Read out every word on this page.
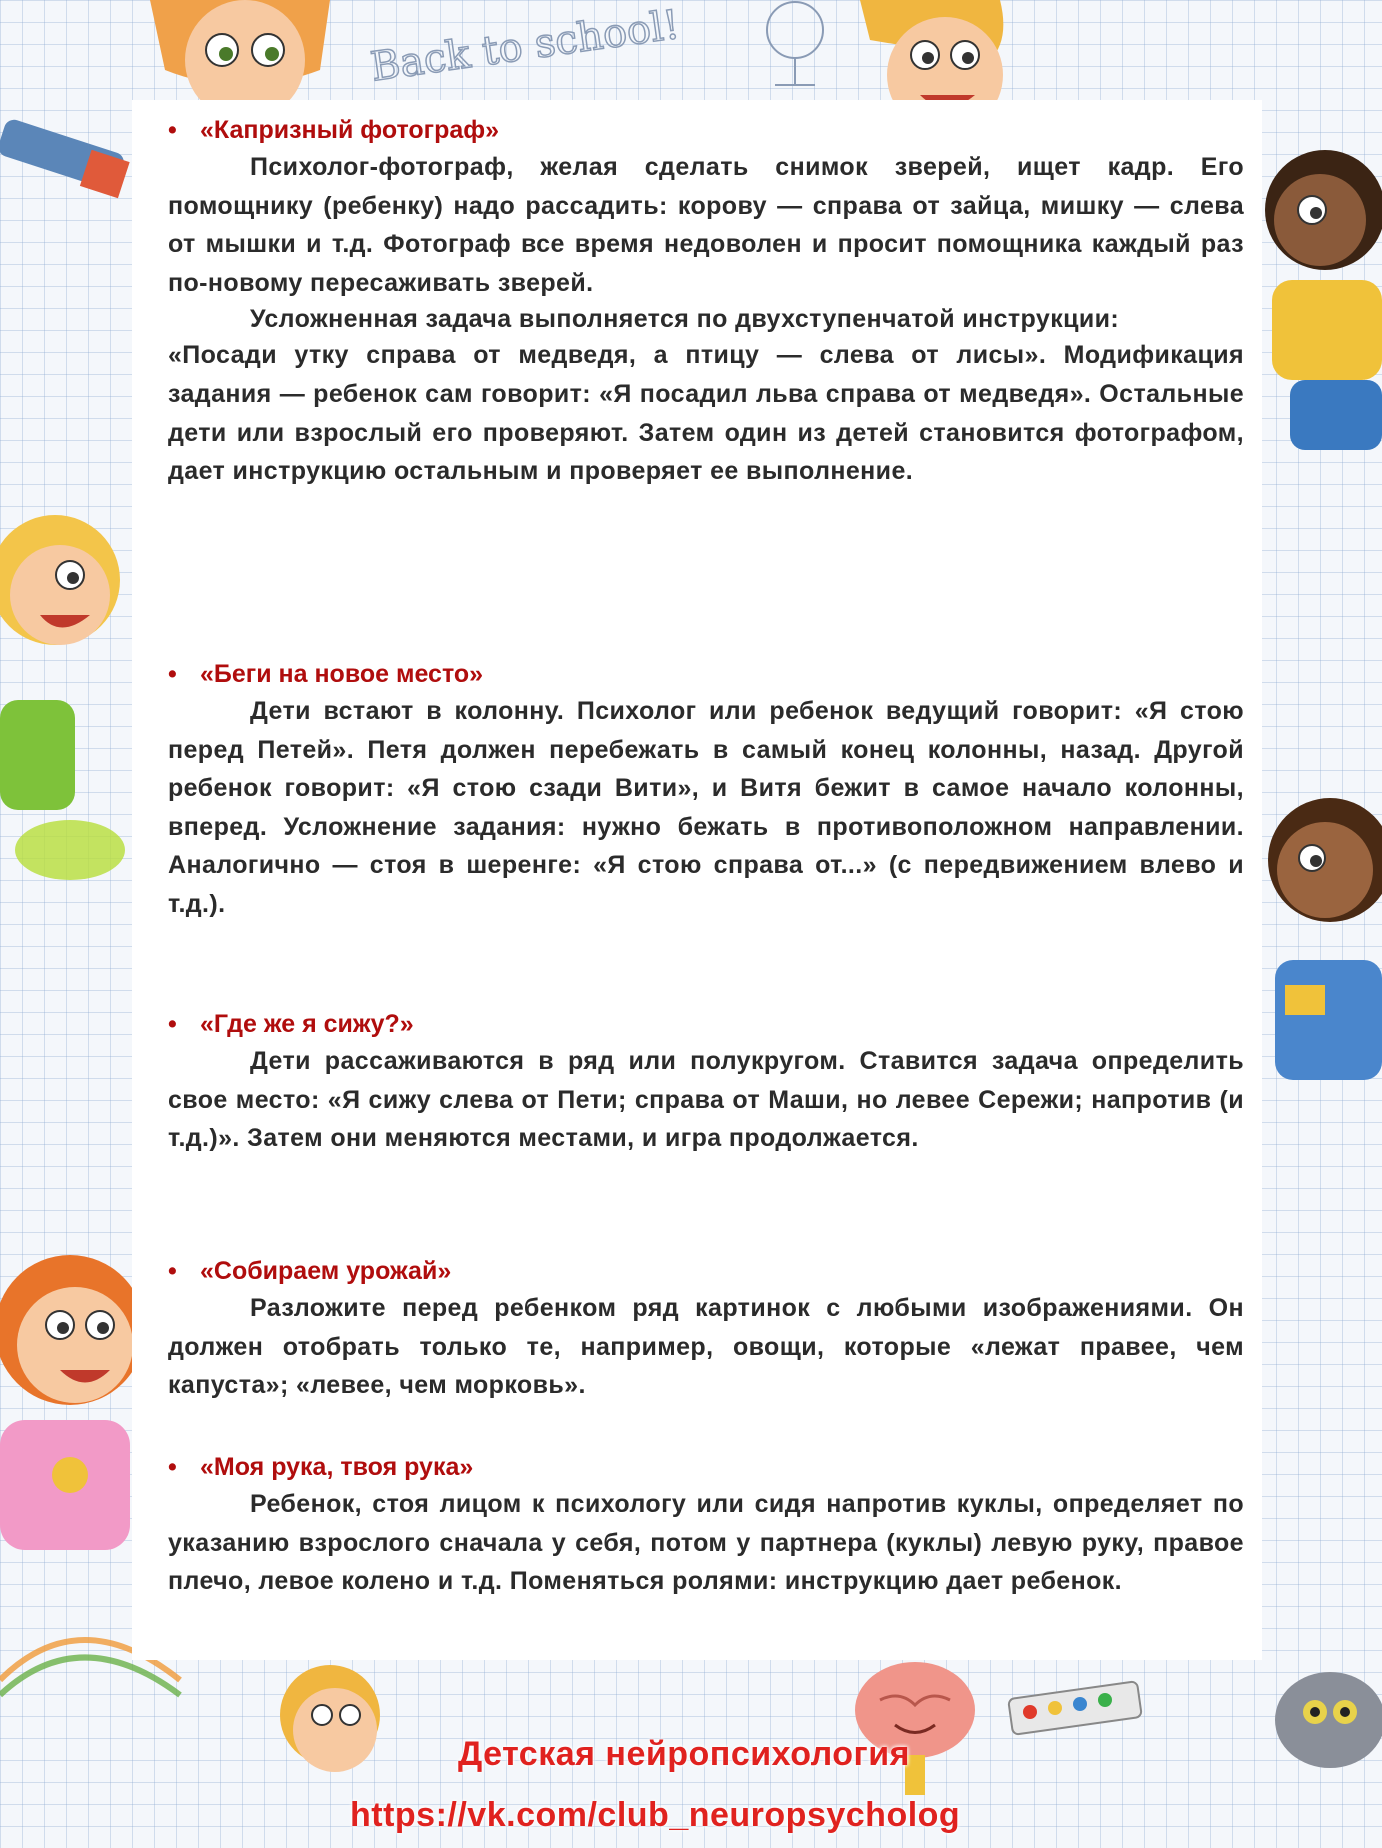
Back to school!
• «Капризный фотограф»

Психолог-фотограф, желая сделать снимок зверей, ищет кадр. Его помощнику (ребенку) надо рассадить: корову — справа от зайца, мишку — слева от мышки и т.д. Фотограф все время недоволен и просит помощника каждый раз по-новому пересаживать зверей.

Усложненная задача выполняется по двухступенчатой инструкции:

«Посади утку справа от медведя, а птицу — слева от лисы». Модификация задания — ребенок сам говорит: «Я посадил льва справа от медведя». Остальные дети или взрослый его проверяют. Затем один из детей становится фотографом, дает инструкцию остальным и проверяет ее выполнение.

• «Беги на новое место»

Дети встают в колонну. Психолог или ребенок ведущий говорит: «Я стою перед Петей». Петя должен перебежать в самый конец колонны, назад. Другой ребенок говорит: «Я стою сзади Вити», и Витя бежит в самое начало колонны, вперед. Усложнение задания: нужно бежать в противоположном направлении. Аналогично — стоя в шеренге: «Я стою справа от...» (с передвижением влево и т.д.).

• «Где же я сижу?»

Дети рассаживаются в ряд или полукругом. Ставится задача определить свое место: «Я сижу слева от Пети; справа от Маши, но левее Сережи; напротив (и т.д.)». Затем они меняются местами, и игра продолжается.

• «Собираем урожай»

Разложите перед ребенком ряд картинок с любыми изображениями. Он должен отобрать только те, например, овощи, которые «лежат правее, чем капуста»; «левее, чем морковь».

• «Моя рука, твоя рука»

Ребенок, стоя лицом к психологу или сидя напротив куклы, определяет по указанию взрослого сначала у себя, потом у партнера (куклы) левую руку, правое плечо, левое колено и т.д. Поменяться ролями: инструкцию дает ребенок.

Детская нейропсихология
https://vk.com/club_neuropsycholog
